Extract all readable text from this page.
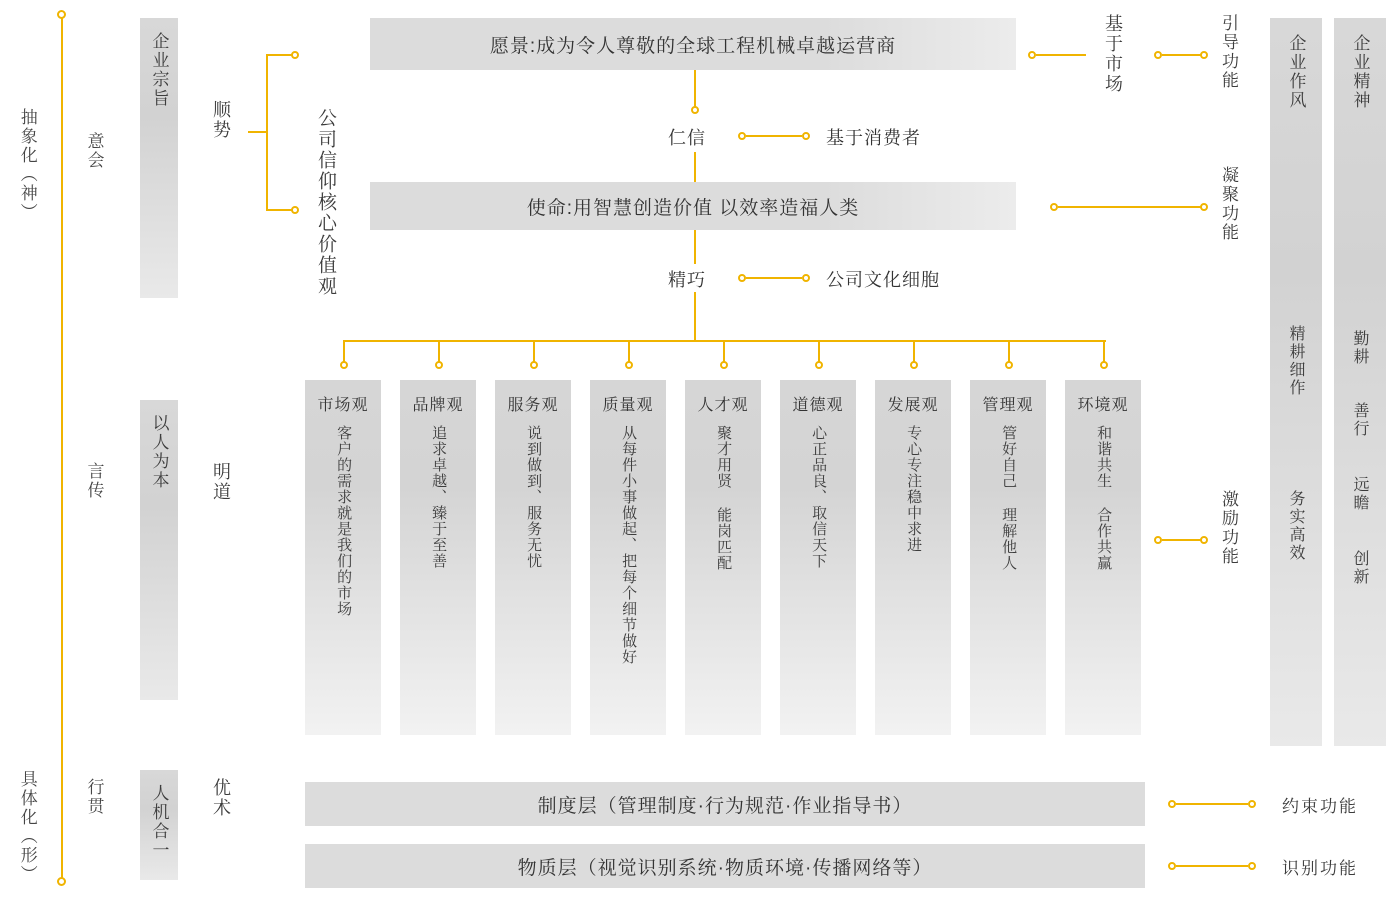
抽象化（神）
具体化（形）
意会
言传
行贯
企业宗旨
以人为本
人机合一
顺势
明道
优术
公司信仰核心价值观
企业作风
精耕细作
务实高效
企业精神
勤耕
善行
远瞻
创新
愿景:成为令人尊敬的全球工程机械卓越运营商	基于市场	引导功能
仁信	基于消费者
使命:用智慧创造价值 以效率造福人类	凝聚功能
精巧	公司文化细胞
市场观
客户的需求就是我们的市场
品牌观
追求卓越、臻于至善
服务观
说到做到、服务无忧
质量观
从每件小事做起、把每个细节做好
人才观
聚才用贤 能岗匹配
道德观
心正品良、取信天下
发展观
专心专注稳中求进
管理观
管好自己 理解他人
环境观
和谐共生 合作共赢	激励功能
制度层（管理制度·行为规范·作业指导书）	约束功能
物质层（视觉识别系统·物质环境·传播网络等）	识别功能
